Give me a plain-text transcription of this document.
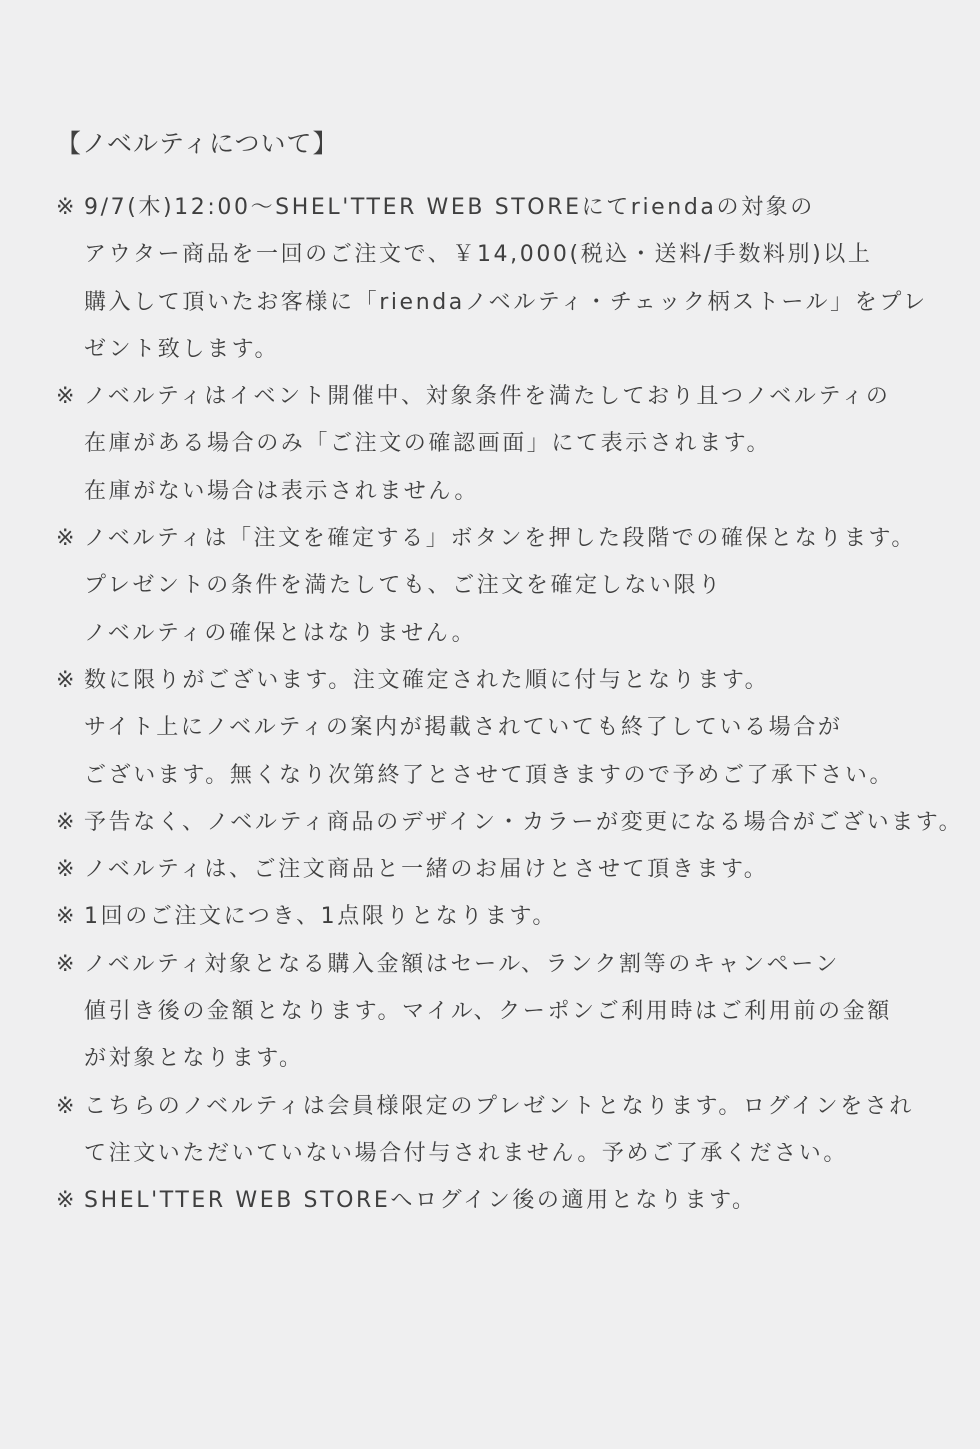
【ノベルティについて】
※ 9/7(木)12:00〜SHEL'TTER WEB STOREにてriendaの対象の
アウター商品を一回のご注文で、￥14,000(税込・送料/手数料別)以上
購入して頂いたお客様に「riendaノベルティ・チェック柄ストール」をプレ
ゼント致します。
※ ノベルティはイベント開催中、対象条件を満たしており且つノベルティの
在庫がある場合のみ「ご注文の確認画面」にて表示されます。
在庫がない場合は表示されません。
※ ノベルティは「注文を確定する」ボタンを押した段階での確保となります。
プレゼントの条件を満たしても、ご注文を確定しない限り
ノベルティの確保とはなりません。
※ 数に限りがございます。注文確定された順に付与となります。
サイト上にノベルティの案内が掲載されていても終了している場合が
ございます。無くなり次第終了とさせて頂きますので予めご了承下さい。
※ 予告なく、ノベルティ商品のデザイン・カラーが変更になる場合がございます。
※ ノベルティは、ご注文商品と一緒のお届けとさせて頂きます。
※ 1回のご注文につき、1点限りとなります。
※ ノベルティ対象となる購入金額はセール、ランク割等のキャンペーン
値引き後の金額となります。マイル、クーポンご利用時はご利用前の金額
が対象となります。
※ こちらのノベルティは会員様限定のプレゼントとなります。ログインをされ
て注文いただいていない場合付与されません。予めご了承ください。
※ SHEL'TTER WEB STOREへログイン後の適用となります。
